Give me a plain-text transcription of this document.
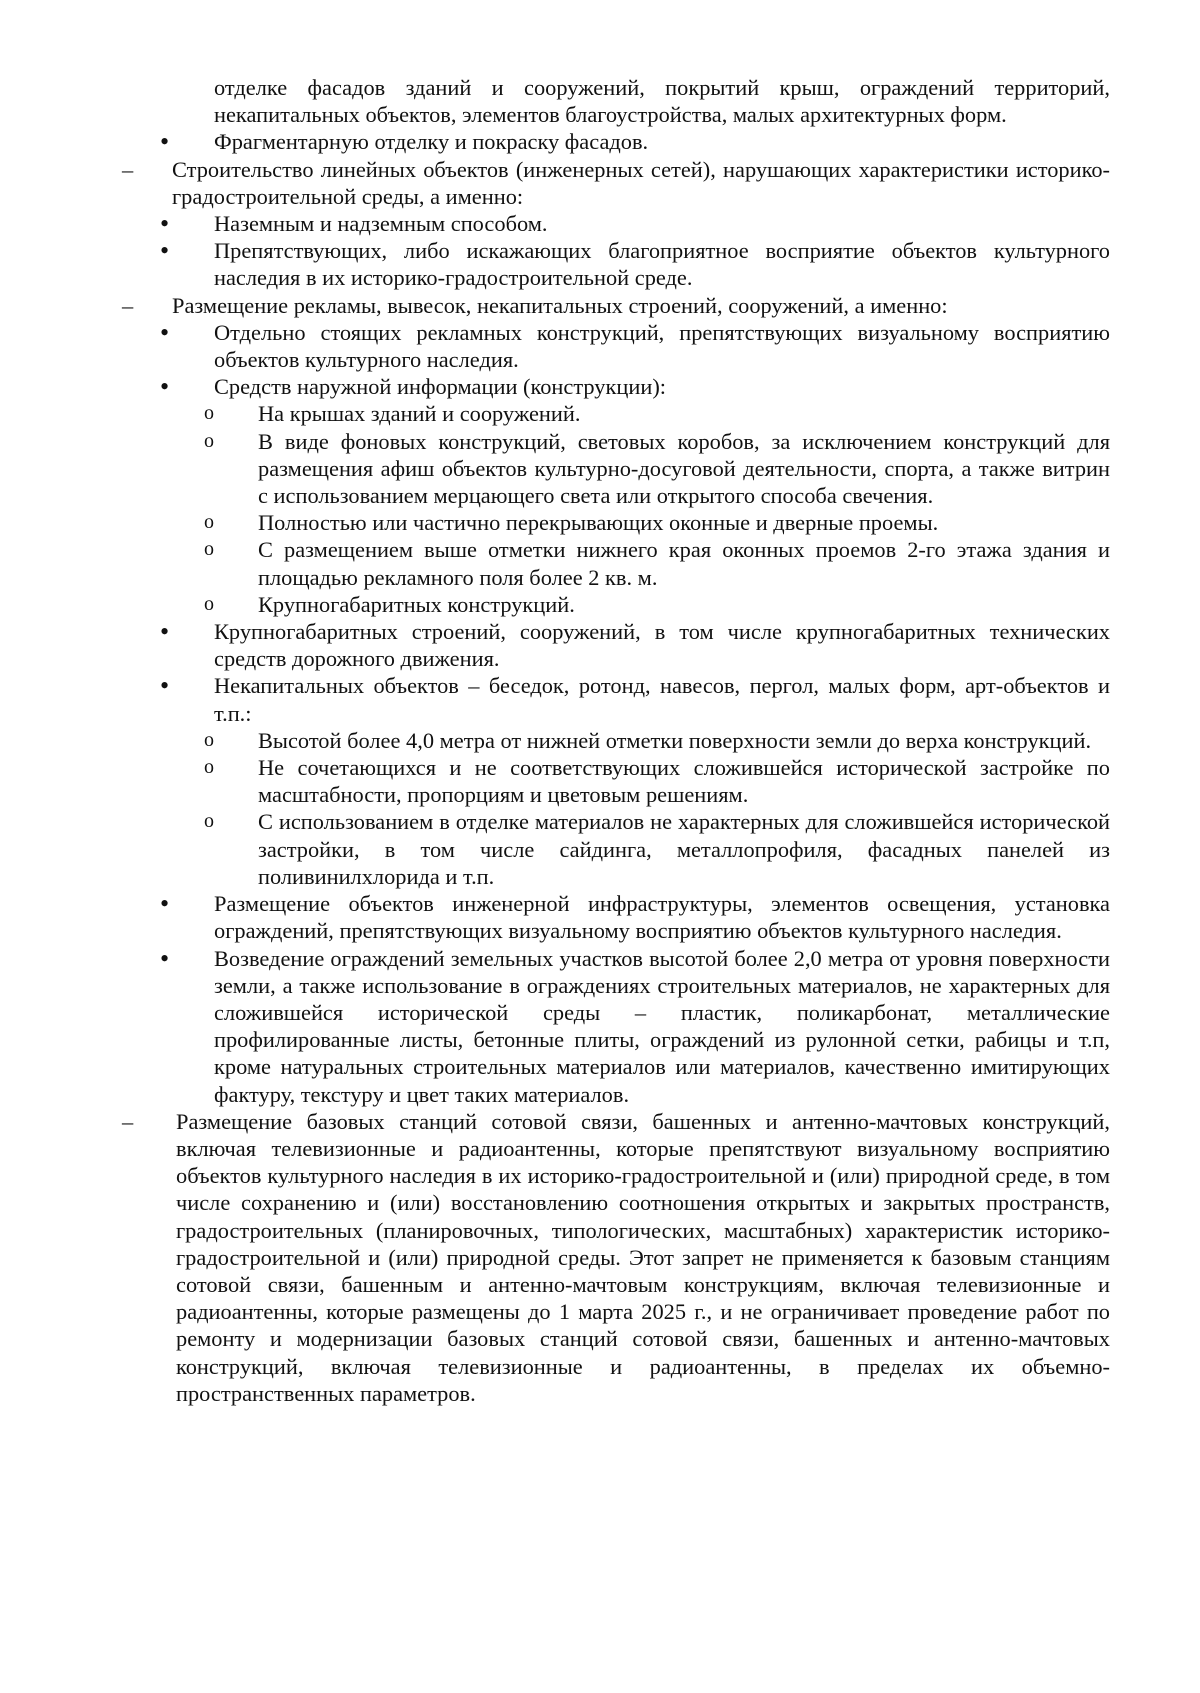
отделке фасадов зданий и сооружений, покрытий крыш, ограждений территорий, некапитальных объектов, элементов благоустройства, малых архитектурных форм.
• Фрагментарную отделку и покраску фасадов.
– Строительство линейных объектов (инженерных сетей), нарушающих характеристики историко-градостроительной среды, а именно:
• Наземным и надземным способом.
• Препятствующих, либо искажающих благоприятное восприятие объектов культурного наследия в их историко-градостроительной среде.
– Размещение рекламы, вывесок, некапитальных строений, сооружений, а именно:
• Отдельно стоящих рекламных конструкций, препятствующих визуальному восприятию объектов культурного наследия.
• Средств наружной информации (конструкции):
o На крышах зданий и сооружений.
o В виде фоновых конструкций, световых коробов, за исключением конструкций для размещения афиш объектов культурно-досуговой деятельности, спорта, а также витрин с использованием мерцающего света или открытого способа свечения.
o Полностью или частично перекрывающих оконные и дверные проемы.
o С размещением выше отметки нижнего края оконных проемов 2-го этажа здания и площадью рекламного поля более 2 кв. м.
o Крупногабаритных конструкций.
• Крупногабаритных строений, сооружений, в том числе крупногабаритных технических средств дорожного движения.
• Некапитальных объектов – беседок, ротонд, навесов, пергол, малых форм, арт-объектов и т.п.:
o Высотой более 4,0 метра от нижней отметки поверхности земли до верха конструкций.
o Не сочетающихся и не соответствующих сложившейся исторической застройке по масштабности, пропорциям и цветовым решениям.
o С использованием в отделке материалов не характерных для сложившейся исторической застройки, в том числе сайдинга, металлопрофиля, фасадных панелей из поливинилхлорида и т.п.
• Размещение объектов инженерной инфраструктуры, элементов освещения, установка ограждений, препятствующих визуальному восприятию объектов культурного наследия.
• Возведение ограждений земельных участков высотой более 2,0 метра от уровня поверхности земли, а также использование в ограждениях строительных материалов, не характерных для сложившейся исторической среды – пластик, поликарбонат, металлические профилированные листы, бетонные плиты, ограждений из рулонной сетки, рабицы и т.п, кроме натуральных строительных материалов или материалов, качественно имитирующих фактуру, текстуру и цвет таких материалов.
– Размещение базовых станций сотовой связи, башенных и антенно-мачтовых конструкций, включая телевизионные и радиоантенны, которые препятствуют визуальному восприятию объектов культурного наследия в их историко-градостроительной и (или) природной среде, в том числе сохранению и (или) восстановлению соотношения открытых и закрытых пространств, градостроительных (планировочных, типологических, масштабных) характеристик историко-градостроительной и (или) природной среды. Этот запрет не применяется к базовым станциям сотовой связи, башенным и антенно-мачтовым конструкциям, включая телевизионные и радиоантенны, которые размещены до 1 марта 2025 г., и не ограничивает проведение работ по ремонту и модернизации базовых станций сотовой связи, башенных и антенно-мачтовых конструкций, включая телевизионные и радиоантенны, в пределах их объемно-пространственных параметров.
